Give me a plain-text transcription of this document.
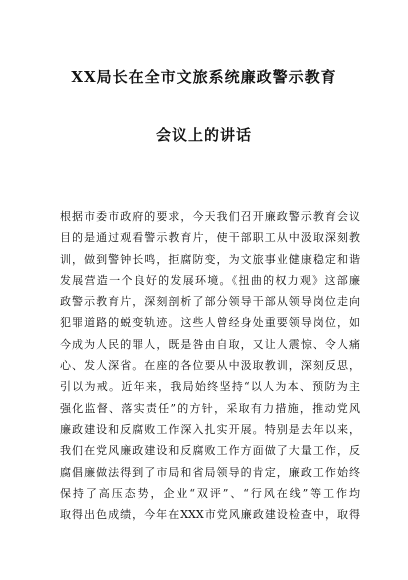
XX局长在全市文旅系统廉政警示教育
会议上的讲话
根据市委市政府的要求，今天我们召开廉政警示教育会议
目的是通过观看警示教育片，使干部职工从中汲取深刻教
训，做到警钟长鸣，拒腐防变，为文旅事业健康稳定和谐
发展营造一个良好的发展环境。《扭曲的权力观》这部廉
政警示教育片，深刻剖析了部分领导干部从领导岗位走向
犯罪道路的蜕变轨迹。这些人曾经身处重要领导岗位，如
今成为人民的罪人，既是咎由自取，又让人震惊、令人痛
心、发人深省。在座的各位要从中汲取教训，深刻反思，
引以为戒。近年来，我局始终坚持“以人为本、预防为主
强化监督、落实责任”的方针，采取有力措施，推动党风
廉政建设和反腐败工作深入扎实开展。特别是去年以来，
我们在党风廉政建设和反腐败工作方面做了大量工作，反
腐倡廉做法得到了市局和省局领导的肯定，廉政工作始终
保持了高压态势，企业“双评”、“行风在线”等工作均
取得出色成绩，今年在XXX市党风廉政建设检查中，取得
